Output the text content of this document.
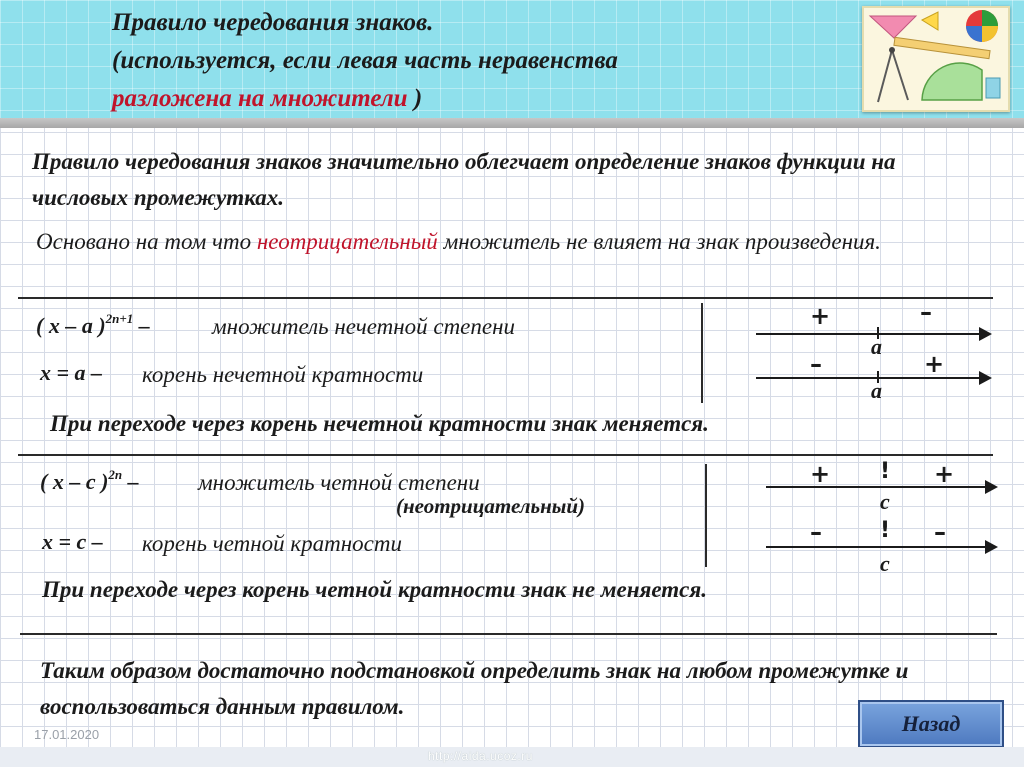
Правило чередования знаков.
(используется, если левая часть неравенства
разложена на множители )
Правило чередования знаков значительно облегчает определение знаков функции на числовых промежутках.
Основано на том что неотрицательный множитель не влияет на знак произведения.
( x – a )$^{2n+1}$ –	множитель нечетной степени
x = a – корень нечетной кратности
+	–
a
–	+
a
При переходе через корень нечетной кратности знак меняется.
( x – c )$^{2n}$ –	множитель четной степени
(неотрицательный)
x = c – корень четной кратности
+	+
!
c
–	–
!
c
При переходе через корень четной кратности знак не меняется.
Таким образом достаточно подстановкой определить знак на любом промежутке и воспользоваться данным правилом.
Назад
17.01.2020
http://aida.ucoz.ru
